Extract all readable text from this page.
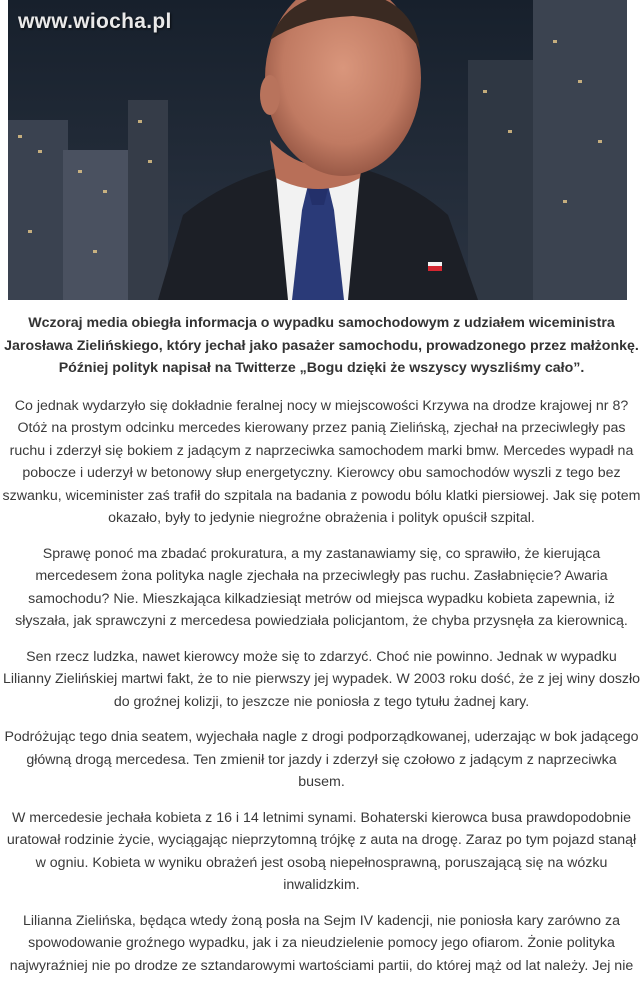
www.wiocha.pl

Wczoraj media obiegła informacja o wypadku samochodowym z udziałem wiceministra Jarosława Zielińskiego, który jechał jako pasażer samochodu, prowadzonego przez małżonkę. Później polityk napisał na Twitterze „Bogu dzięki że wszyscy wyszliśmy cało”.

Co jednak wydarzyło się dokładnie feralnej nocy w miejscowości Krzywa na drodze krajowej nr 8? Otóż na prostym odcinku mercedes kierowany przez panią Zielińską, zjechał na przeciwległy pas ruchu i zderzył się bokiem z jadącym z naprzeciwka samochodem marki bmw. Mercedes wypadł na pobocze i uderzył w betonowy słup energetyczny. Kierowcy obu samochodów wyszli z tego bez szwanku, wiceminister zaś trafił do szpitala na badania z powodu bólu klatki piersiowej. Jak się potem okazało, były to jedynie niegroźne obrażenia i polityk opuścił szpital.

Sprawę ponoć ma zbadać prokuratura, a my zastanawiamy się, co sprawiło, że kierująca mercedesem żona polityka nagle zjechała na przeciwległy pas ruchu. Zasłabnięcie? Awaria samochodu? Nie. Mieszkająca kilkadziesiąt metrów od miejsca wypadku kobieta zapewnia, iż słyszała, jak sprawczyni z mercedesa powiedziała policjantom, że chyba przysnęła za kierownicą.

Sen rzecz ludzka, nawet kierowcy może się to zdarzyć. Choć nie powinno. Jednak w wypadku Lilianny Zielińskiej martwi fakt, że to nie pierwszy jej wypadek. W 2003 roku dość, że z jej winy doszło do groźnej kolizji, to jeszcze nie poniosła z tego tytułu żadnej kary.

Podróżując tego dnia seatem, wyjechała nagle z drogi podporządkowanej, uderzając w bok jadącego główną drogą mercedesa. Ten zmienił tor jazdy i zderzył się czołowo z jadącym z naprzeciwka busem.

W mercedesie jechała kobieta z 16 i 14 letnimi synami. Bohaterski kierowca busa prawdopodobnie uratował rodzinie życie, wyciągając nieprzytomną trójkę z auta na drogę. Zaraz po tym pojazd stanął w ogniu. Kobieta w wyniku obrażeń jest osobą niepełnosprawną, poruszającą się na wózku inwalidzkim.

Lilianna Zielińska, będąca wtedy żoną posła na Sejm IV kadencji, nie poniosła kary zarówno za spowodowanie groźnego wypadku, jak i za nieudzielenie pomocy jego ofiarom. Żonie polityka najwyraźniej nie po drodze ze sztandarowymi wartościami partii, do której mąż od lat należy. Jej nie
